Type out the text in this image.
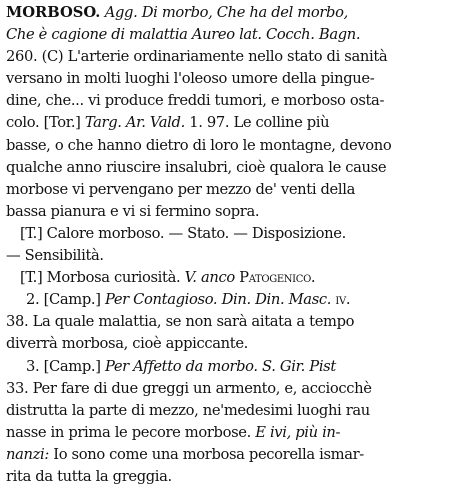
MORBOSO. Agg. Di morbo, Che ha del morbo,
Che è cagione di malattia Aureo lat. Cocch. Bagn.
260. (C) L'arterie ordinariamente nello stato di sanità
versano in molti luoghi l'oleoso umore della pingue-
dine, che... vi produce freddi tumori, e morboso osta-
colo. [Tor.] Targ. Ar. Vald. 1. 97. Le colline più
basse, o che hanno dietro di loro le montagne, devono
qualche anno riuscire insalubri, cioè qualora le cause
morbose vi pervengano per mezzo de' venti della
bassa pianura e vi si fermino sopra.
[T.] Calore morboso. — Stato. — Disposizione.
— Sensibilità.
[T.] Morbosa curiosità. V. anco Patogenico.
2. [Camp.] Per Contagioso. Din. Din. Masc. iv.
38. La quale malattia, se non sarà aitata a tempo
diverrà morbosa, cioè appiccante.
3. [Camp.] Per Affetto da morbo. S. Gir. Pist
33. Per fare di due greggi un armento, e, acciocchè
distrutta la parte di mezzo, ne'medesimi luoghi rau
nasse in prima le pecore morbose. E ivi, più in-
nanzi: Io sono come una morbosa pecorella ismar-
rita da tutta la greggia.
